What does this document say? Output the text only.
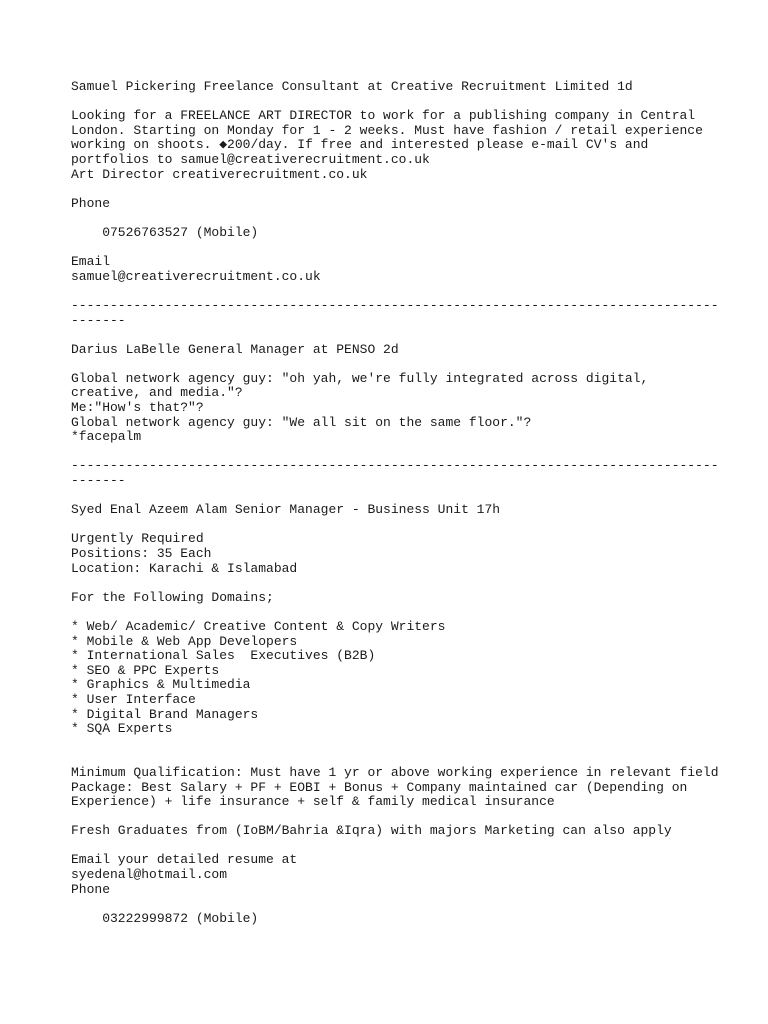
Samuel Pickering Freelance Consultant at Creative Recruitment Limited 1d
Looking for a FREELANCE ART DIRECTOR to work for a publishing company in Central
London. Starting on Monday for 1 - 2 weeks. Must have fashion / retail experience
working on shoots. ◆200/day. If free and interested please e-mail CV's and
portfolios to samuel@creativerecruitment.co.uk
Art Director creativerecruitment.co.uk
Phone
07526763527 (Mobile)
Email
samuel@creativerecruitment.co.uk
-----------------------------------------------------------------------------------
-------
Darius LaBelle General Manager at PENSO 2d
Global network agency guy: "oh yah, we're fully integrated across digital,
creative, and media."?
Me:"How's that?"?
Global network agency guy: "We all sit on the same floor."?
*facepalm
-----------------------------------------------------------------------------------
-------
Syed Enal Azeem Alam Senior Manager - Business Unit 17h
Urgently Required
Positions: 35 Each
Location: Karachi & Islamabad
For the Following Domains;
* Web/ Academic/ Creative Content & Copy Writers
* Mobile & Web App Developers
* International Sales  Executives (B2B)
* SEO & PPC Experts
* Graphics & Multimedia
* User Interface
* Digital Brand Managers
* SQA Experts
Minimum Qualification: Must have 1 yr or above working experience in relevant field
Package: Best Salary + PF + EOBI + Bonus + Company maintained car (Depending on
Experience) + life insurance + self & family medical insurance
Fresh Graduates from (IoBM/Bahria &Iqra) with majors Marketing can also apply
Email your detailed resume at
syedenal@hotmail.com
Phone
03222999872 (Mobile)
